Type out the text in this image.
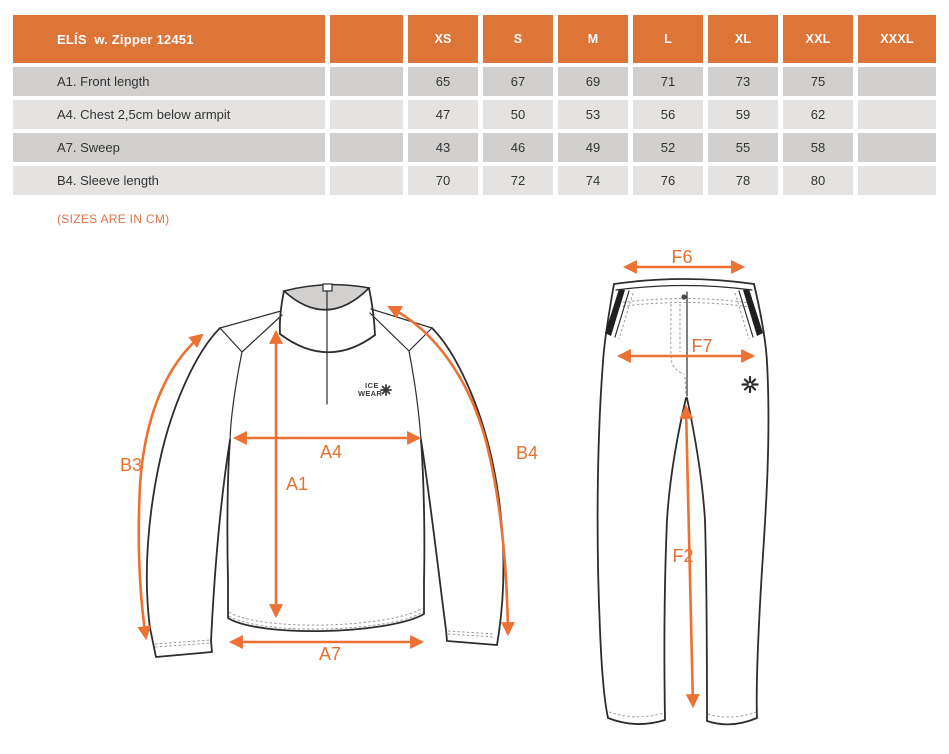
ELÍS  w. Zipper 12451	XS	S	M	L	XL	XXL	XXXL
A1. Front length	65	67	69	71	73	75
A4. Chest 2,5cm below armpit	47	50	53	56	59	62
A7. Sweep	43	46	49	52	55	58
B4. Sleeve length	70	72	74	76	78	80
(SIZES ARE IN CM)
ICE
WEAR
B3
A4
A1
B4
A7
F6
F7
F2
